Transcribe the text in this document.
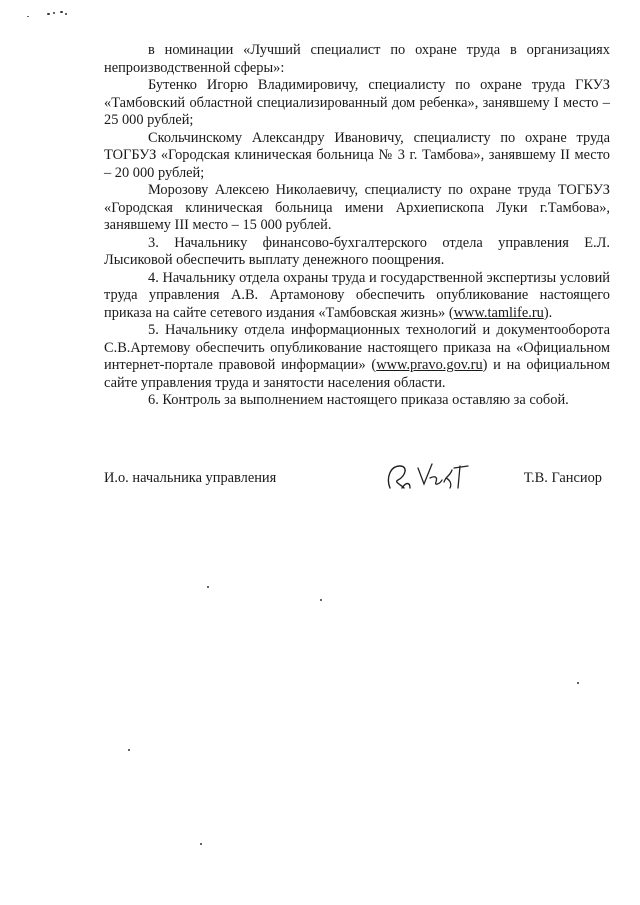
в номинации «Лучший специалист по охране труда в организациях непроизводственной сферы»:

Бутенко Игорю Владимировичу, специалисту по охране труда ГКУЗ «Тамбовский областной специализированный дом ребенка», занявшему I место – 25 000 рублей;

Скольчинскому Александру Ивановичу, специалисту по охране труда ТОГБУЗ «Городская клиническая больница № 3 г. Тамбова», занявшему II место – 20 000 рублей;

Морозову Алексею Николаевичу, специалисту по охране труда ТОГБУЗ «Городская клиническая больница имени Архиепископа Луки г.Тамбова», занявшему III место – 15 000 рублей.

3. Начальнику финансово-бухгалтерского отдела управления Е.Л. Лысиковой обеспечить выплату денежного поощрения.

4. Начальнику отдела охраны труда и государственной экспертизы условий труда управления А.В. Артамонову обеспечить опубликование настоящего приказа на сайте сетевого издания «Тамбовская жизнь» (www.tamlife.ru).

5. Начальнику отдела информационных технологий и документооборота С.В.Артемову обеспечить опубликование настоящего приказа на «Официальном интернет-портале правовой информации» (www.pravo.gov.ru) и на официальном сайте управления труда и занятости населения области.

6. Контроль за выполнением настоящего приказа оставляю за собой.

И.о. начальника управления	Т.В. Гансиор
